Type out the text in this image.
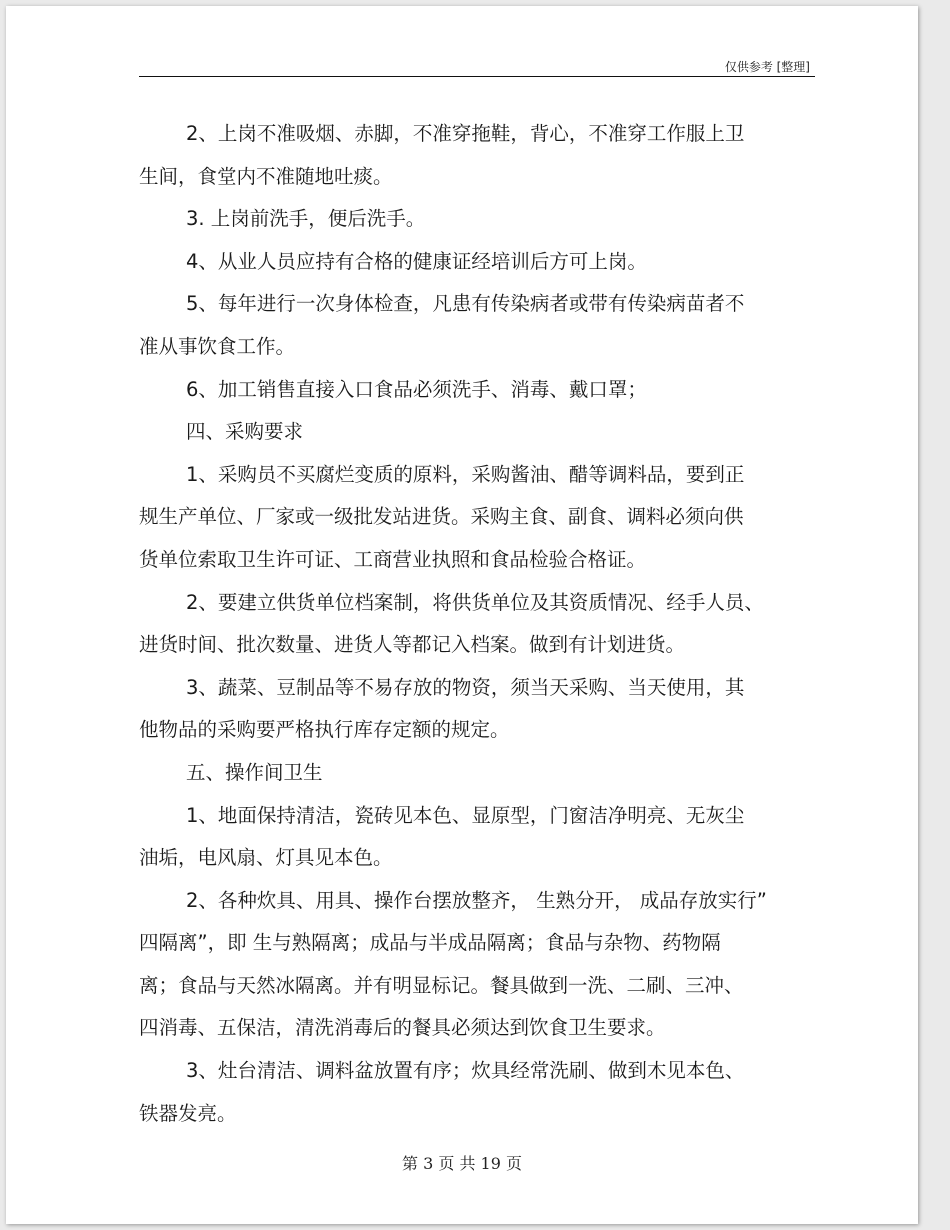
仅供参考 [整理]
2、上岗不准吸烟、赤脚，不准穿拖鞋，背心，不准穿工作服上卫
生间，食堂内不准随地吐痰。
3. 上岗前洗手，便后洗手。
4、从业人员应持有合格的健康证经培训后方可上岗。
5、每年进行一次身体检查，凡患有传染病者或带有传染病苗者不
准从事饮食工作。
6、加工销售直接入口食品必须洗手、消毒、戴口罩；
四、采购要求
1、采购员不买腐烂变质的原料，采购酱油、醋等调料品，要到正
规生产单位、厂家或一级批发站进货。采购主食、副食、调料必须向供
货单位索取卫生许可证、工商营业执照和食品检验合格证。
2、要建立供货单位档案制，将供货单位及其资质情况、经手人员、
进货时间、批次数量、进货人等都记入档案。做到有计划进货。
3、蔬菜、豆制品等不易存放的物资，须当天采购、当天使用，其
他物品的采购要严格执行库存定额的规定。
五、操作间卫生
1、地面保持清洁，瓷砖见本色、显原型，门窗洁净明亮、无灰尘
油垢，电风扇、灯具见本色。
2、各种炊具、用具、操作台摆放整齐， 生熟分开， 成品存放实行”
四隔离”，即 生与熟隔离；成品与半成品隔离；食品与杂物、药物隔
离；食品与天然冰隔离。并有明显标记。餐具做到一洗、二刷、三冲、
四消毒、五保洁，清洗消毒后的餐具必须达到饮食卫生要求。
3、灶台清洁、调料盆放置有序；炊具经常洗刷、做到木见本色、
铁器发亮。
第 3 页 共 19 页
